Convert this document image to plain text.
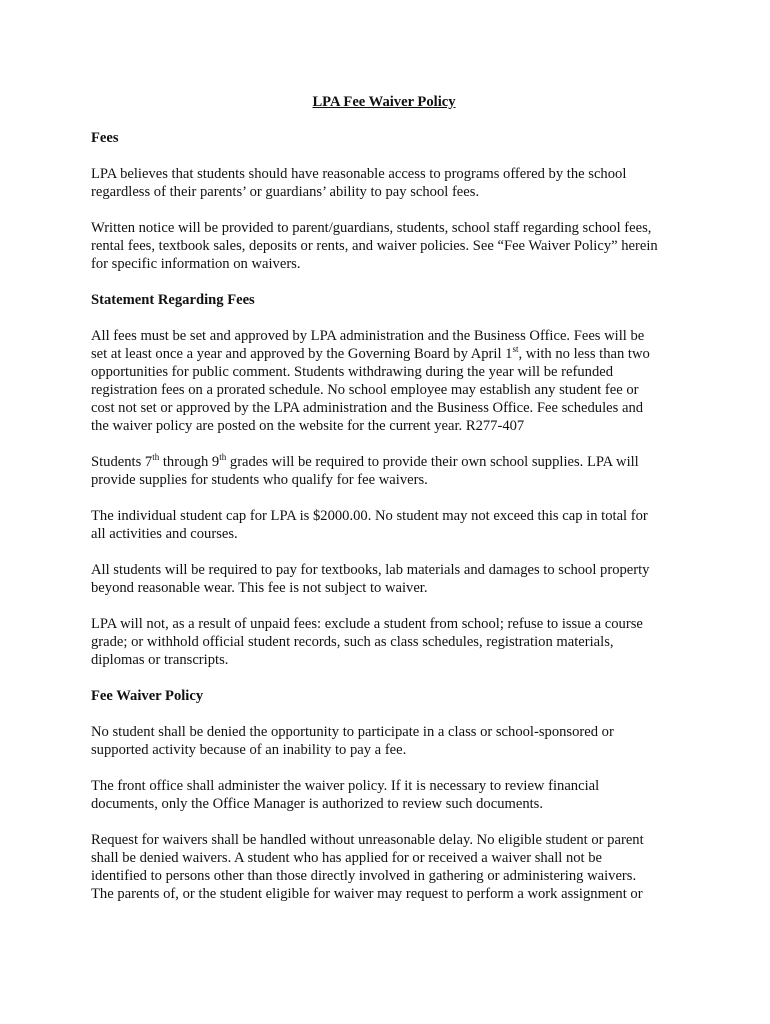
LPA Fee Waiver Policy
Fees
LPA believes that students should have reasonable access to programs offered by the school
regardless of their parents’ or guardians’ ability to pay school fees.
Written notice will be provided to parent/guardians, students, school staff regarding school fees,
rental fees, textbook sales, deposits or rents, and waiver policies. See “Fee Waiver Policy” herein
for specific information on waivers.
Statement Regarding Fees
All fees must be set and approved by LPA administration and the Business Office. Fees will be
set at least once a year and approved by the Governing Board by April 1st, with no less than two
opportunities for public comment. Students withdrawing during the year will be refunded
registration fees on a prorated schedule. No school employee may establish any student fee or
cost not set or approved by the LPA administration and the Business Office. Fee schedules and
the waiver policy are posted on the website for the current year. R277-407
Students 7th through 9th grades will be required to provide their own school supplies. LPA will
provide supplies for students who qualify for fee waivers.
The individual student cap for LPA is $2000.00. No student may not exceed this cap in total for
all activities and courses.
All students will be required to pay for textbooks, lab materials and damages to school property
beyond reasonable wear. This fee is not subject to waiver.
LPA will not, as a result of unpaid fees: exclude a student from school; refuse to issue a course
grade; or withhold official student records, such as class schedules, registration materials,
diplomas or transcripts.
Fee Waiver Policy
No student shall be denied the opportunity to participate in a class or school-sponsored or
supported activity because of an inability to pay a fee.
The front office shall administer the waiver policy. If it is necessary to review financial
documents, only the Office Manager is authorized to review such documents.
Request for waivers shall be handled without unreasonable delay. No eligible student or parent
shall be denied waivers. A student who has applied for or received a waiver shall not be
identified to persons other than those directly involved in gathering or administering waivers.
The parents of, or the student eligible for waiver may request to perform a work assignment or
